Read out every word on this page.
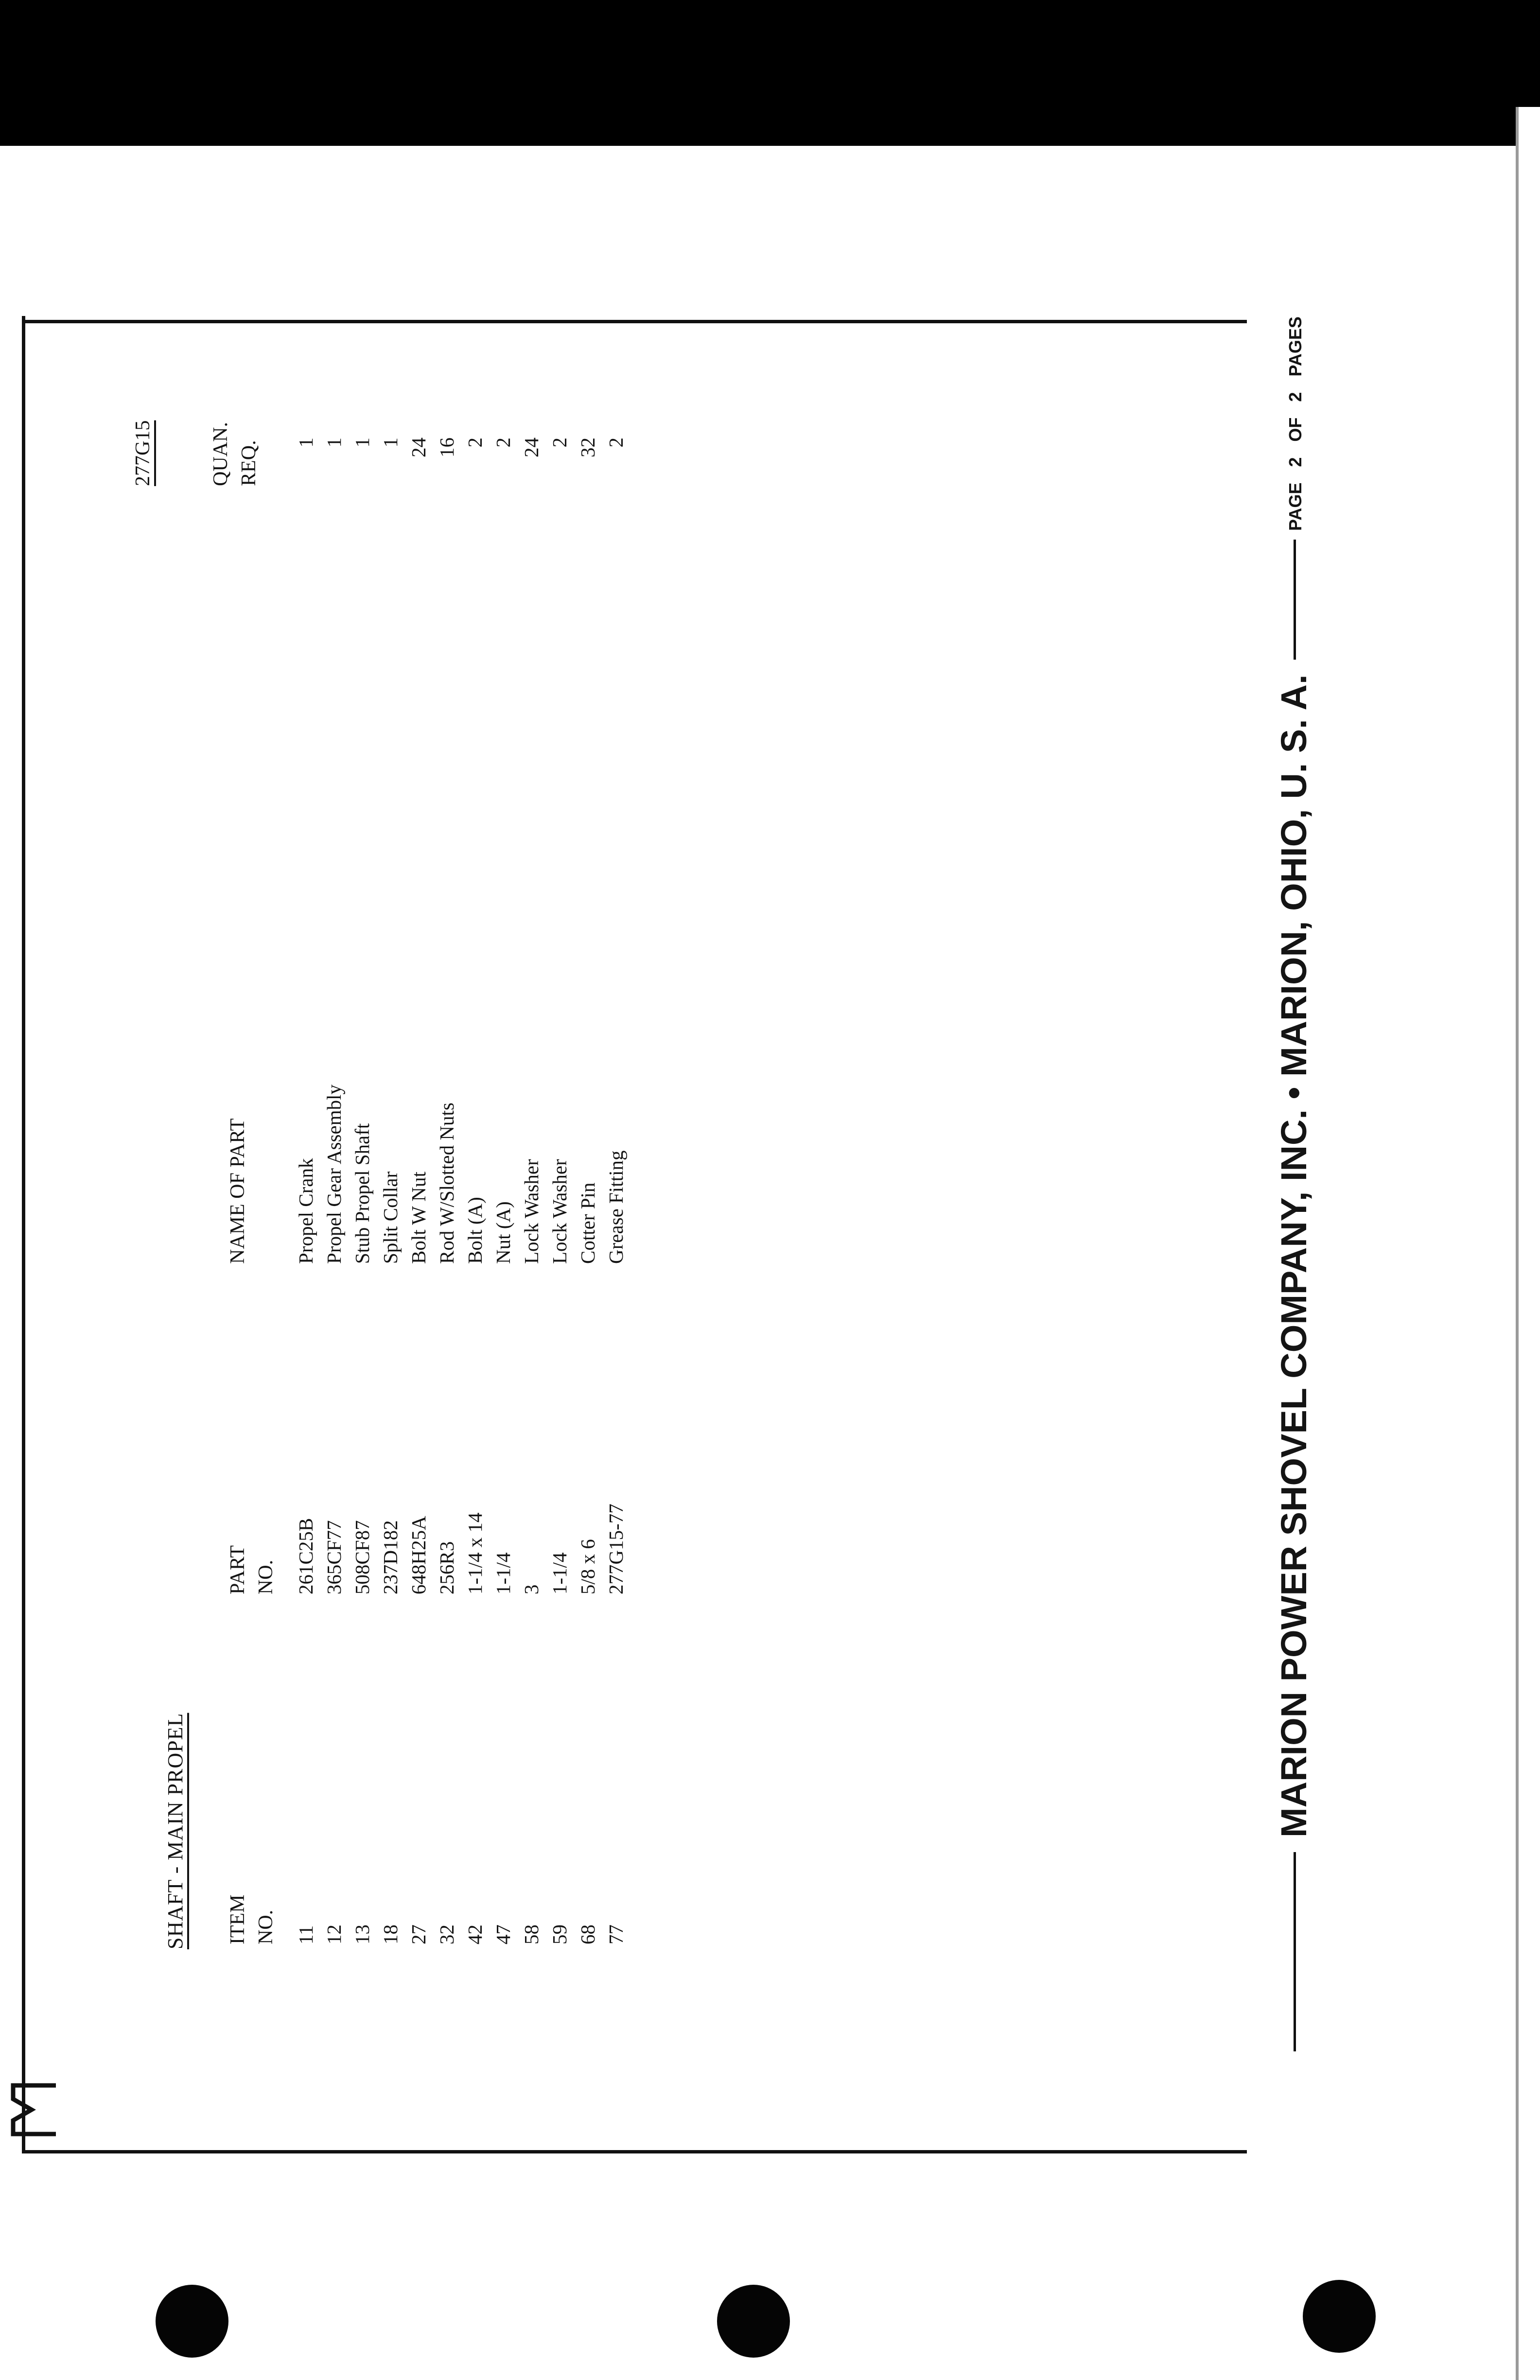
SHAFT - MAIN PROPEL
277G15
ITEM NO.
PART NO.
NAME OF PART
QUAN. REQ.
11
261C25B
Propel Crank
1
12
365CF77
Propel Gear Assembly
1
13
508CF87
Stub Propel Shaft
1
18
237D182
Split Collar
1
27
648H25A
Bolt W Nut
24
32
256R3
Rod W/Slotted Nuts
16
42
1-1/4 x 14
Bolt (A)
2
47
1-1/4
Nut (A)
2
58
3
Lock Washer
24
59
1-1/4
Lock Washer
2
68
5/8 x 6
Cotter Pin
32
77
277G15-77
Grease Fitting
2
MARION POWER SHOVEL COMPANY, INC. • MARION, OHIO, U. S. A.
PAGE 2 OF 2 PAGES
